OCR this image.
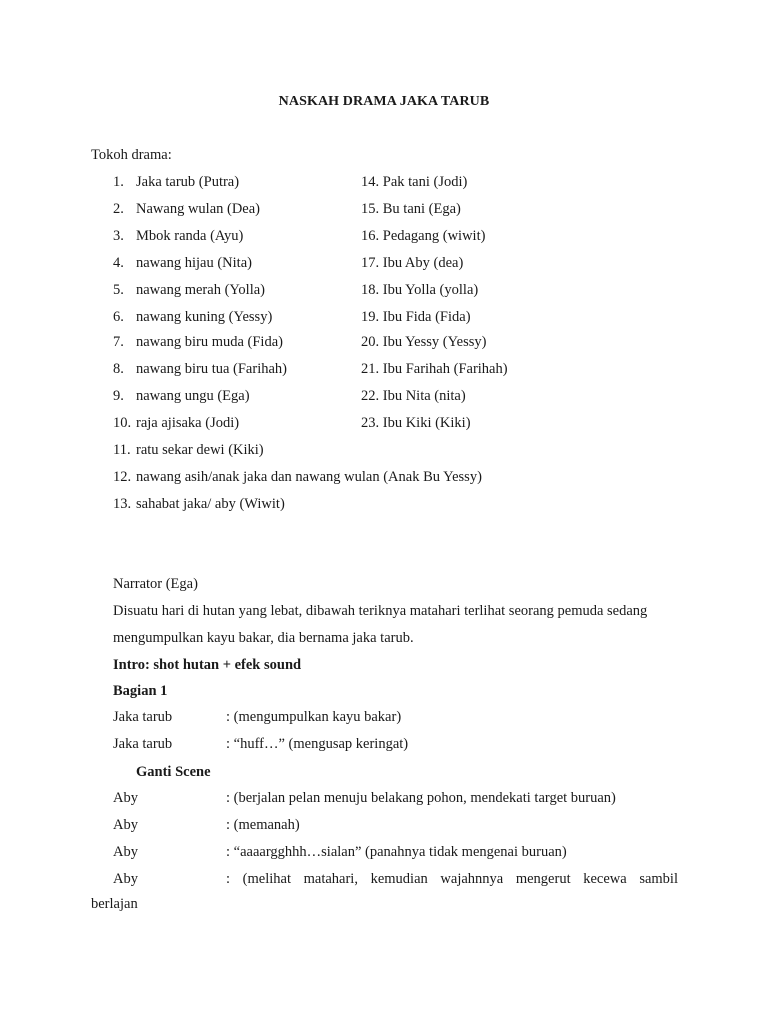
NASKAH DRAMA JAKA TARUB
Tokoh drama:
1. Jaka tarub (Putra)
2. Nawang wulan (Dea)
3. Mbok randa (Ayu)
4. nawang hijau (Nita)
5. nawang merah (Yolla)
6. nawang kuning (Yessy)
7. nawang biru muda (Fida)
8. nawang biru tua (Farihah)
9. nawang ungu (Ega)
10. raja ajisaka (Jodi)
11. ratu sekar dewi (Kiki)
12. nawang asih/anak jaka dan nawang wulan (Anak Bu Yessy)
13. sahabat jaka/ aby (Wiwit)
14. Pak tani (Jodi)
15. Bu tani (Ega)
16. Pedagang (wiwit)
17. Ibu Aby (dea)
18. Ibu Yolla (yolla)
19. Ibu Fida (Fida)
20. Ibu Yessy (Yessy)
21. Ibu Farihah (Farihah)
22. Ibu Nita (nita)
23. Ibu Kiki (Kiki)
Narrator (Ega)
Disuatu hari di hutan yang lebat, dibawah teriknya matahari terlihat seorang pemuda sedang
mengumpulkan kayu bakar, dia bernama jaka tarub.
Intro: shot hutan + efek sound
Bagian 1
Jaka tarub	: (mengumpulkan kayu bakar)
Jaka tarub	: “huff…” (mengusap keringat)
Ganti Scene
Aby	: (berjalan pelan menuju belakang pohon, mendekati target buruan)
Aby	: (memanah)
Aby	: “aaaargghhh…sialan” (panahnya tidak mengenai buruan)
Aby	: (melihat matahari, kemudian wajahnnya mengerut kecewa sambil
berlajan
